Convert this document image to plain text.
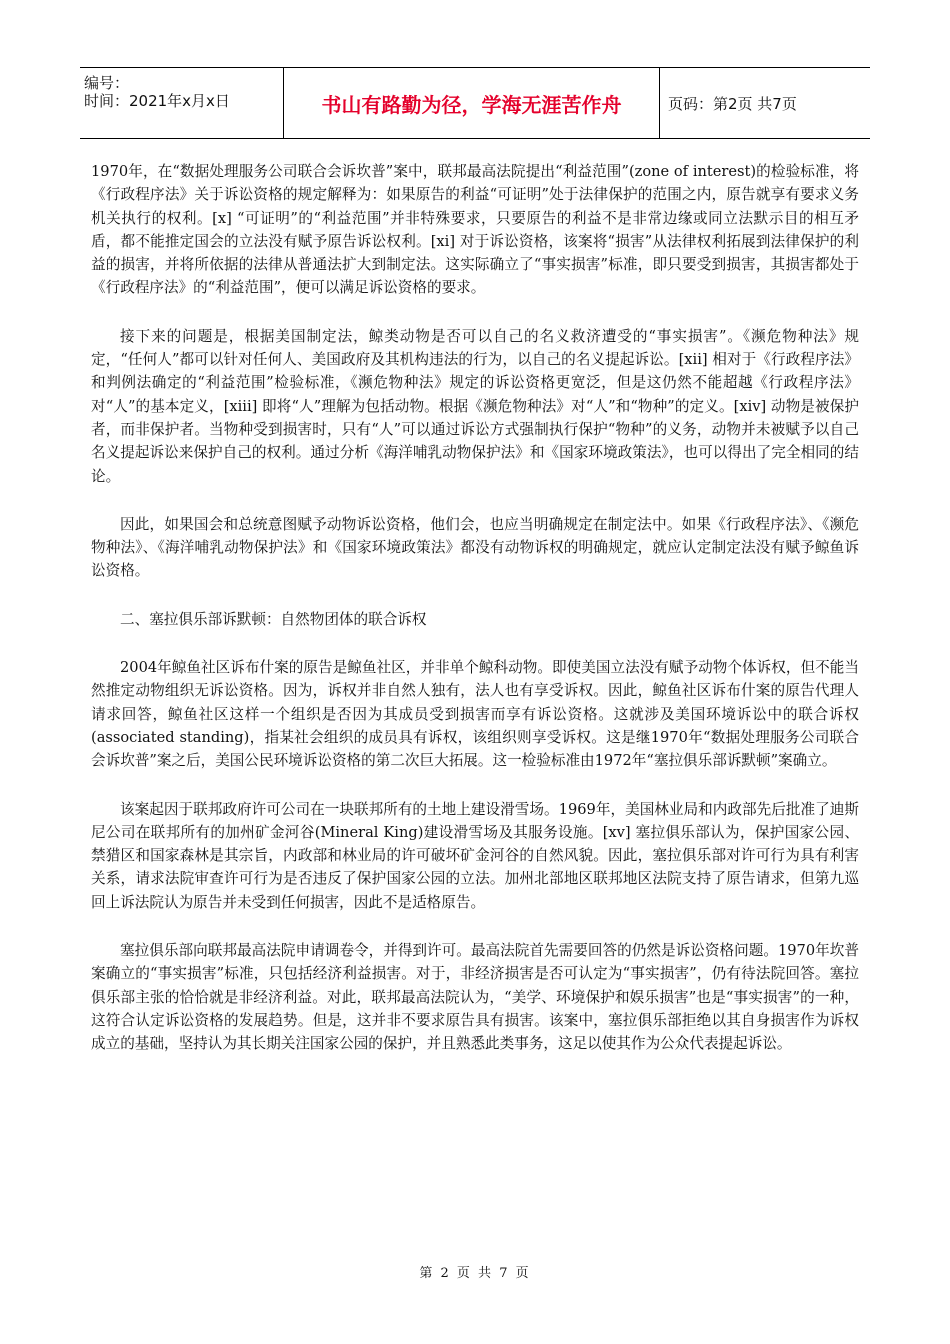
编号：
时间：2021年x月x日	书山有路勤为径，学海无涯苦作舟	页码：第2页 共7页

1970年，在“数据处理服务公司联合会诉坎普”案中，联邦最高法院提出“利益范围”(zone of interest)的检验标准，将《行政程序法》关于诉讼资格的规定解释为：如果原告的利益“可证明”处于法律保护的范围之内，原告就享有要求义务机关执行的权利。[x] “可证明”的“利益范围”并非特殊要求，只要原告的利益不是非常边缘或同立法默示目的相互矛盾，都不能推定国会的立法没有赋予原告诉讼权利。[xi] 对于诉讼资格，该案将“损害”从法律权利拓展到法律保护的利益的损害，并将所依据的法律从普通法扩大到制定法。这实际确立了“事实损害”标准，即只要受到损害，其损害都处于《行政程序法》的“利益范围”，便可以满足诉讼资格的要求。

接下来的问题是，根据美国制定法，鲸类动物是否可以自己的名义救济遭受的“事实损害”。《濒危物种法》规定，“任何人”都可以针对任何人、美国政府及其机构违法的行为，以自己的名义提起诉讼。[xii] 相对于《行政程序法》和判例法确定的“利益范围”检验标准，《濒危物种法》规定的诉讼资格更宽泛，但是这仍然不能超越《行政程序法》对“人”的基本定义，[xiii] 即将“人”理解为包括动物。根据《濒危物种法》对“人”和“物种”的定义。[xiv] 动物是被保护者，而非保护者。当物种受到损害时，只有“人”可以通过诉讼方式强制执行保护“物种”的义务，动物并未被赋予以自己名义提起诉讼来保护自己的权利。通过分析《海洋哺乳动物保护法》和《国家环境政策法》，也可以得出了完全相同的结论。

因此，如果国会和总统意图赋予动物诉讼资格，他们会，也应当明确规定在制定法中。如果《行政程序法》、《濒危物种法》、《海洋哺乳动物保护法》和《国家环境政策法》都没有动物诉权的明确规定，就应认定制定法没有赋予鲸鱼诉讼资格。

二、塞拉俱乐部诉默顿：自然物团体的联合诉权

2004年鲸鱼社区诉布什案的原告是鲸鱼社区，并非单个鲸科动物。即使美国立法没有赋予动物个体诉权，但不能当然推定动物组织无诉讼资格。因为，诉权并非自然人独有，法人也有享受诉权。因此，鲸鱼社区诉布什案的原告代理人请求回答，鲸鱼社区这样一个组织是否因为其成员受到损害而享有诉讼资格。这就涉及美国环境诉讼中的联合诉权(associated standing)，指某社会组织的成员具有诉权，该组织则享受诉权。这是继1970年“数据处理服务公司联合会诉坎普”案之后，美国公民环境诉讼资格的第二次巨大拓展。这一检验标准由1972年“塞拉俱乐部诉默顿”案确立。

该案起因于联邦政府许可公司在一块联邦所有的土地上建设滑雪场。1969年，美国林业局和内政部先后批准了迪斯尼公司在联邦所有的加州矿金河谷(Mineral King)建设滑雪场及其服务设施。[xv] 塞拉俱乐部认为，保护国家公园、禁猎区和国家森林是其宗旨，内政部和林业局的许可破坏矿金河谷的自然风貌。因此，塞拉俱乐部对许可行为具有利害关系，请求法院审查许可行为是否违反了保护国家公园的立法。加州北部地区联邦地区法院支持了原告请求，但第九巡回上诉法院认为原告并未受到任何损害，因此不是适格原告。

塞拉俱乐部向联邦最高法院申请调卷令，并得到许可。最高法院首先需要回答的仍然是诉讼资格问题。1970年坎普案确立的“事实损害”标准，只包括经济利益损害。对于，非经济损害是否可认定为“事实损害”，仍有待法院回答。塞拉俱乐部主张的恰恰就是非经济利益。对此，联邦最高法院认为，“美学、环境保护和娱乐损害”也是“事实损害”的一种，这符合认定诉讼资格的发展趋势。但是，这并非不要求原告具有损害。该案中，塞拉俱乐部拒绝以其自身损害作为诉权成立的基础，坚持认为其长期关注国家公园的保护，并且熟悉此类事务，这足以使其作为公众代表提起诉讼。

第 2 页 共 7 页
